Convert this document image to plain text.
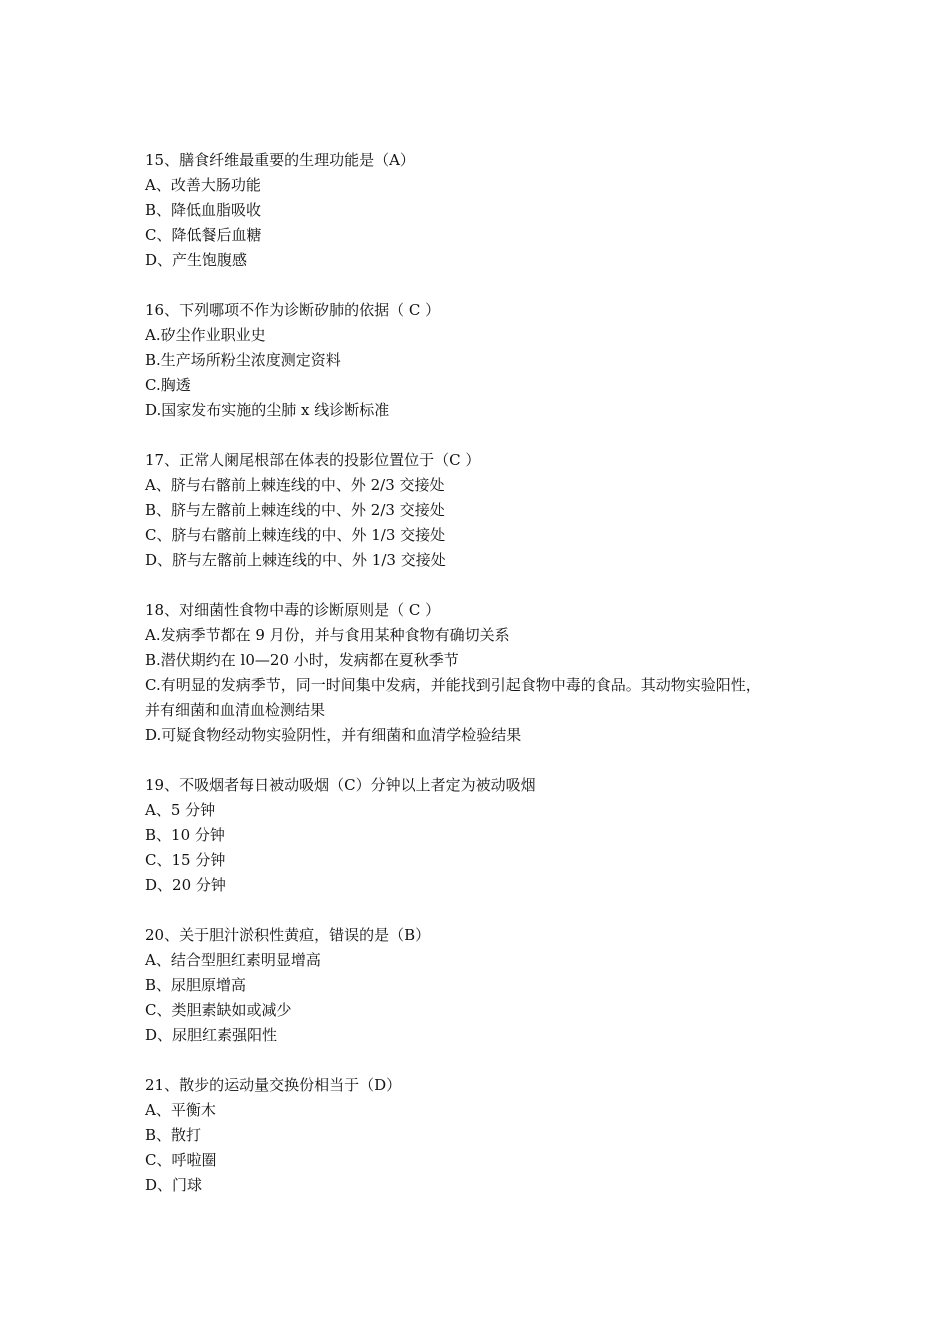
15、膳食纤维最重要的生理功能是（A）
A、改善大肠功能
B、降低血脂吸收
C、降低餐后血糖
D、产生饱腹感
16、下列哪项不作为诊断矽肺的依据（ C ）
A.矽尘作业职业史
B.生产场所粉尘浓度测定资料
C.胸透
D.国家发布实施的尘肺 x 线诊断标准
17、正常人阑尾根部在体表的投影位置位于（C ）
A、脐与右髂前上棘连线的中、外 2/3 交接处
B、脐与左髂前上棘连线的中、外 2/3 交接处
C、脐与右髂前上棘连线的中、外 1/3 交接处
D、脐与左髂前上棘连线的中、外 1/3 交接处
18、对细菌性食物中毒的诊断原则是（ C ）
A.发病季节都在 9 月份，并与食用某种食物有确切关系
B.潜伏期约在 l0—20 小时，发病都在夏秋季节
C.有明显的发病季节，同一时间集中发病，并能找到引起食物中毒的食品。其动物实验阳性，
并有细菌和血清血检测结果
D.可疑食物经动物实验阴性，并有细菌和血清学检验结果
19、不吸烟者每日被动吸烟（C）分钟以上者定为被动吸烟
A、5 分钟
B、10 分钟
C、15 分钟
D、20 分钟
20、关于胆汁淤积性黄疸，错误的是（B）
A、结合型胆红素明显增高
B、尿胆原增高
C、类胆素缺如或减少
D、尿胆红素强阳性
21、散步的运动量交换份相当于（D）
A、平衡木
B、散打
C、呼啦圈
D、门球
